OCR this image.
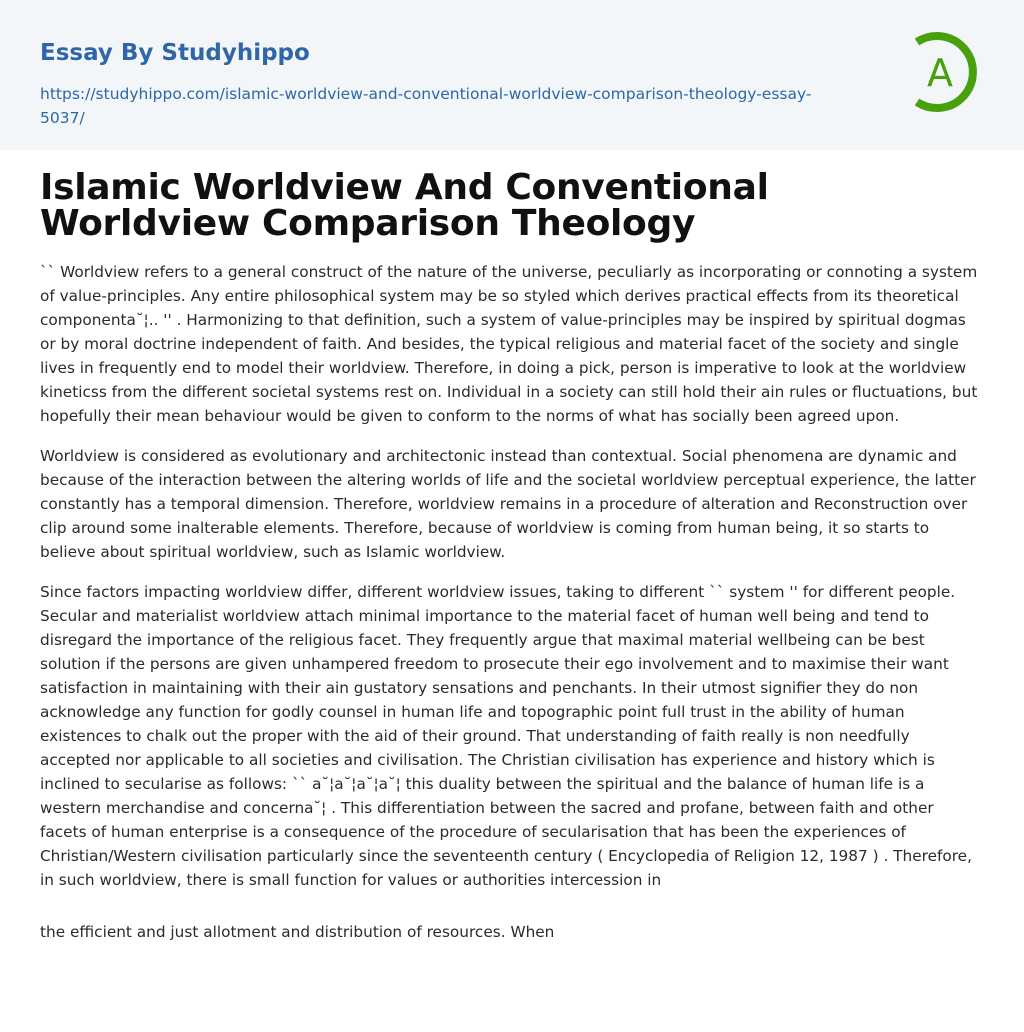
Essay By Studyhippo
https://studyhippo.com/islamic-worldview-and-conventional-worldview-comparison-theology-essay-5037/
A
Islamic Worldview And Conventional Worldview Comparison Theology

`` Worldview refers to a general construct of the nature of the universe, peculiarly as incorporating or connoting a system of value-principles. Any entire philosophical system may be so styled which derives practical effects from its theoretical componenta˘¦.. '' . Harmonizing to that definition, such a system of value-principles may be inspired by spiritual dogmas or by moral doctrine independent of faith. And besides, the typical religious and material facet of the society and single lives in frequently end to model their worldview. Therefore, in doing a pick, person is imperative to look at the worldview kineticss from the different societal systems rest on. Individual in a society can still hold their ain rules or fluctuations, but hopefully their mean behaviour would be given to conform to the norms of what has socially been agreed upon.

Worldview is considered as evolutionary and architectonic instead than contextual. Social phenomena are dynamic and because of the interaction between the altering worlds of life and the societal worldview perceptual experience, the latter constantly has a temporal dimension. Therefore, worldview remains in a procedure of alteration and Reconstruction over clip around some inalterable elements. Therefore, because of worldview is coming from human being, it so starts to believe about spiritual worldview, such as Islamic worldview.

Since factors impacting worldview differ, different worldview issues, taking to different `` system '' for different people. Secular and materialist worldview attach minimal importance to the material facet of human well being and tend to disregard the importance of the religious facet. They frequently argue that maximal material wellbeing can be best solution if the persons are given unhampered freedom to prosecute their ego involvement and to maximise their want satisfaction in maintaining with their ain gustatory sensations and penchants. In their utmost signifier they do non acknowledge any function for godly counsel in human life and topographic point full trust in the ability of human existences to chalk out the proper with the aid of their ground. That understanding of faith really is non needfully accepted nor applicable to all societies and civilisation. The Christian civilisation has experience and history which is inclined to secularise as follows: `` a˘¦a˘¦a˘¦a˘¦ this duality between the spiritual and the balance of human life is a western merchandise and concerna˘¦ . This differentiation between the sacred and profane, between faith and other facets of human enterprise is a consequence of the procedure of secularisation that has been the experiences of Christian/Western civilisation particularly since the seventeenth century ( Encyclopedia of Religion 12, 1987 ) . Therefore, in such worldview, there is small function for values or authorities intercession in

the efficient and just allotment and distribution of resources. When
